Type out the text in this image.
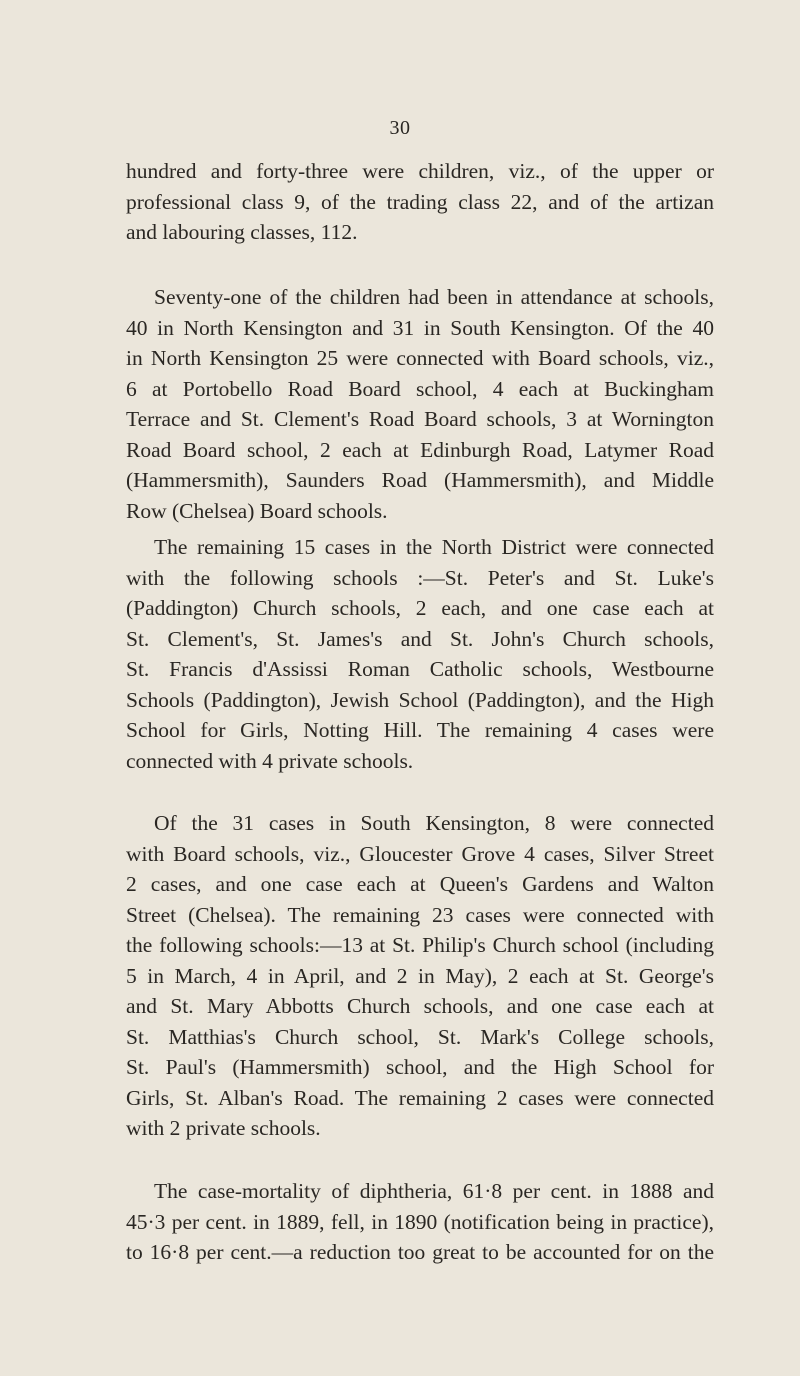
30
hundred and forty-three were children, viz., of the upper or
professional class 9, of the trading class 22, and of the artizan
and labouring classes, 112.
Seventy-one of the children had been in attendance at schools,
40 in North Kensington and 31 in South Kensington. Of the 40
in North Kensington 25 were connected with Board schools, viz.,
6 at Portobello Road Board school, 4 each at Buckingham
Terrace and St. Clement's Road Board schools, 3 at Wornington
Road Board school, 2 each at Edinburgh Road, Latymer Road
(Hammersmith), Saunders Road (Hammersmith), and Middle
Row (Chelsea) Board schools.
The remaining 15 cases in the North District were connected
with the following schools :—St. Peter's and St. Luke's
(Paddington) Church schools, 2 each, and one case each at
St. Clement's, St. James's and St. John's Church schools,
St. Francis d'Assissi Roman Catholic schools, Westbourne
Schools (Paddington), Jewish School (Paddington), and the High
School for Girls, Notting Hill. The remaining 4 cases were
connected with 4 private schools.
Of the 31 cases in South Kensington, 8 were connected
with Board schools, viz., Gloucester Grove 4 cases, Silver Street
2 cases, and one case each at Queen's Gardens and Walton
Street (Chelsea). The remaining 23 cases were connected with
the following schools:—13 at St. Philip's Church school (including
5 in March, 4 in April, and 2 in May), 2 each at St. George's
and St. Mary Abbotts Church schools, and one case each at
St. Matthias's Church school, St. Mark's College schools,
St. Paul's (Hammersmith) school, and the High School for
Girls, St. Alban's Road. The remaining 2 cases were connected
with 2 private schools.
The case-mortality of diphtheria, 61·8 per cent. in 1888 and
45·3 per cent. in 1889, fell, in 1890 (notification being in practice),
to 16·8 per cent.—a reduction too great to be accounted for on the
